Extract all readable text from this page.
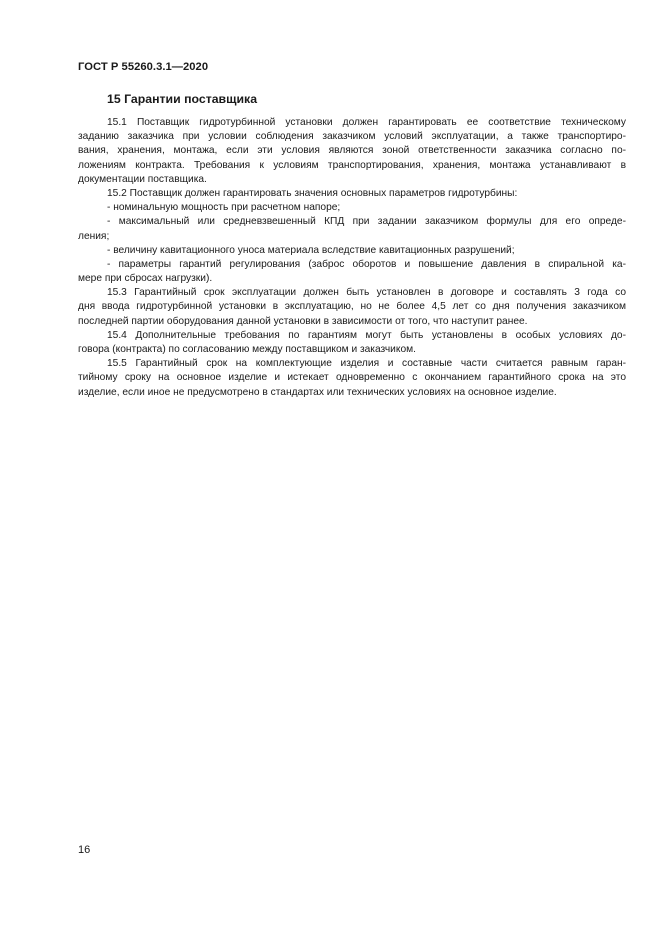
ГОСТ Р 55260.3.1—2020
15 Гарантии поставщика
15.1 Поставщик гидротурбинной установки должен гарантировать ее соответствие техническому
заданию заказчика при условии соблюдения заказчиком условий эксплуатации, а также транспортиро-
вания, хранения, монтажа, если эти условия являются зоной ответственности заказчика согласно по-
ложениям контракта. Требования к условиям транспортирования, хранения, монтажа устанавливают в
документации поставщика.
15.2 Поставщик должен гарантировать значения основных параметров гидротурбины:
- номинальную мощность при расчетном напоре;
- максимальный или средневзвешенный КПД при задании заказчиком формулы для его опреде-
ления;
- величину кавитационного уноса материала вследствие кавитационных разрушений;
- параметры гарантий регулирования (заброс оборотов и повышение давления в спиральной ка-
мере при сбросах нагрузки).
15.3 Гарантийный срок эксплуатации должен быть установлен в договоре и составлять 3 года со
дня ввода гидротурбинной установки в эксплуатацию, но не более 4,5 лет со дня получения заказчиком
последней партии оборудования данной установки в зависимости от того, что наступит ранее.
15.4 Дополнительные требования по гарантиям могут быть установлены в особых условиях до-
говора (контракта) по согласованию между поставщиком и заказчиком.
15.5 Гарантийный срок на комплектующие изделия и составные части считается равным гаран-
тийному сроку на основное изделие и истекает одновременно с окончанием гарантийного срока на это
изделие, если иное не предусмотрено в стандартах или технических условиях на основное изделие.
16
